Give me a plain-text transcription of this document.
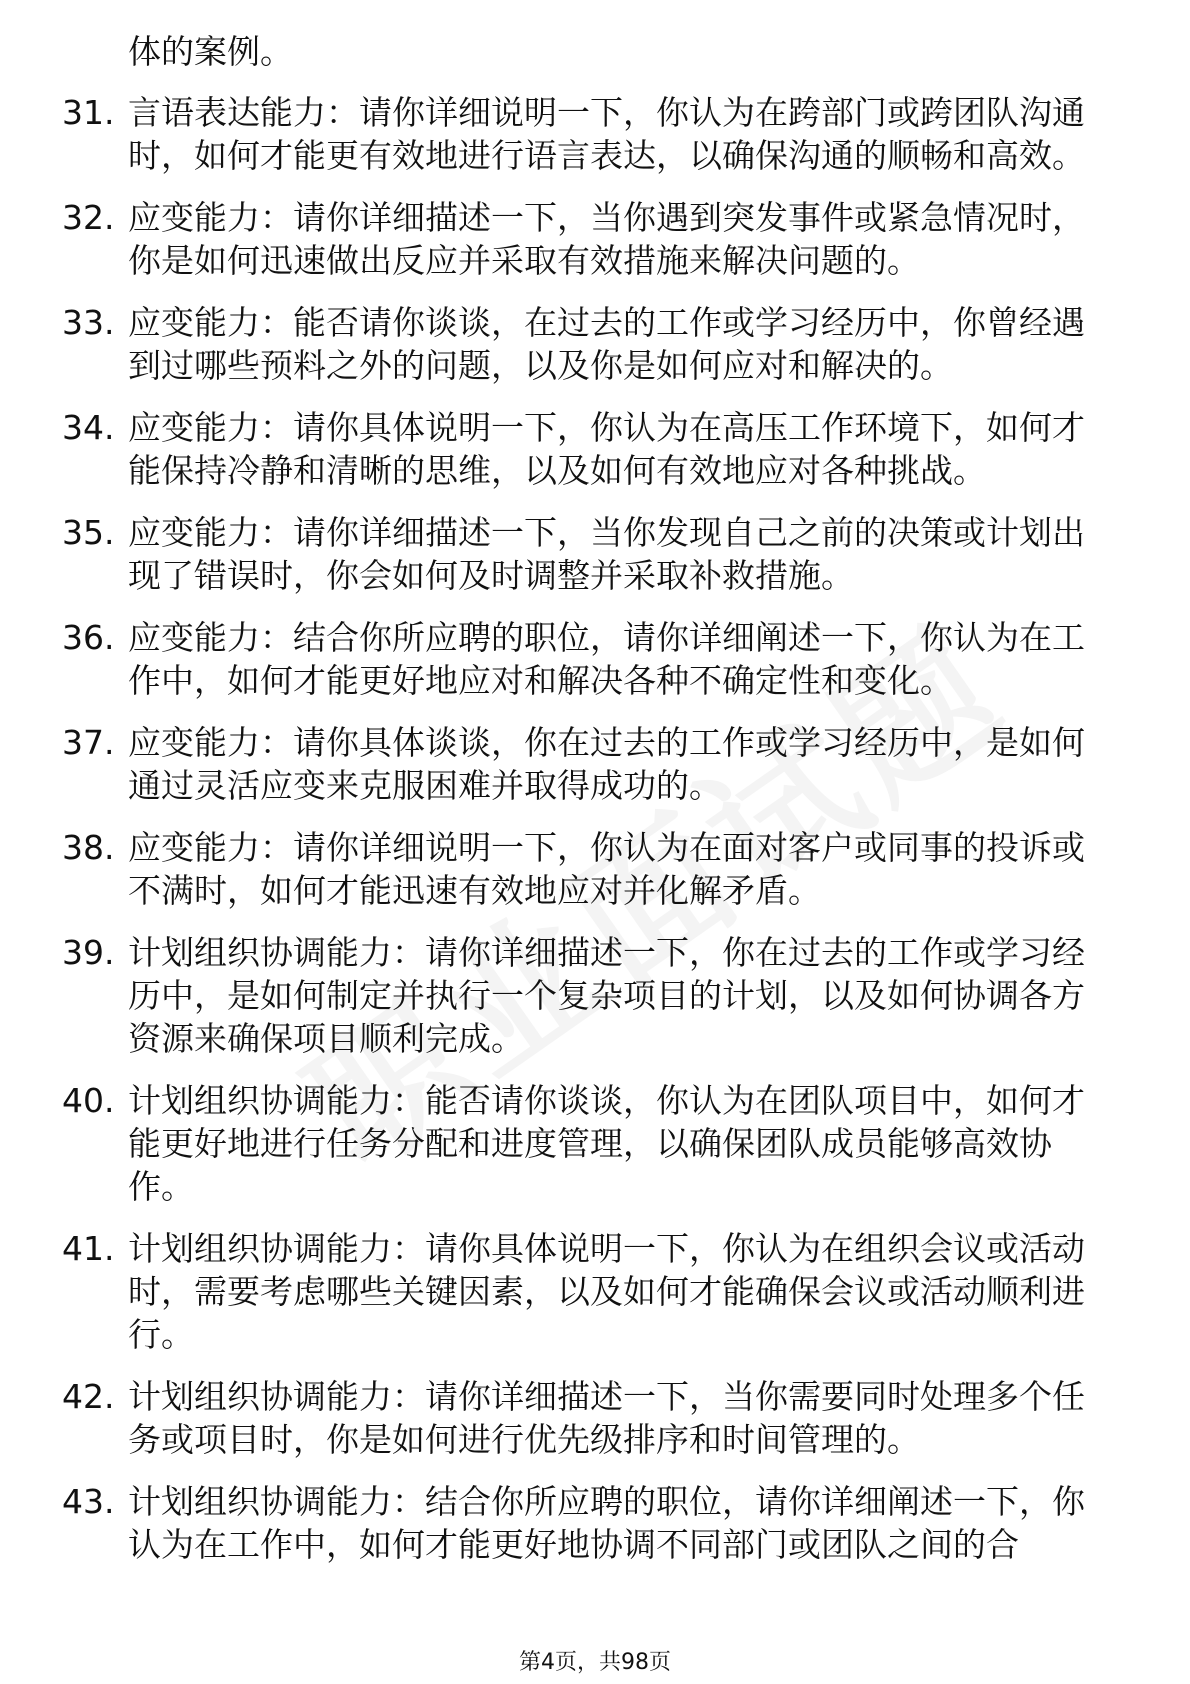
体的案例。
31. 言语表达能力：请你详细说明一下，你认为在跨部门或跨团队沟通时，如何才能更有效地进行语言表达，以确保沟通的顺畅和高效。
32. 应变能力：请你详细描述一下，当你遇到突发事件或紧急情况时，你是如何迅速做出反应并采取有效措施来解决问题的。
33. 应变能力：能否请你谈谈，在过去的工作或学习经历中，你曾经遇到过哪些预料之外的问题，以及你是如何应对和解决的。
34. 应变能力：请你具体说明一下，你认为在高压工作环境下，如何才能保持冷静和清晰的思维，以及如何有效地应对各种挑战。
35. 应变能力：请你详细描述一下，当你发现自己之前的决策或计划出现了错误时，你会如何及时调整并采取补救措施。
36. 应变能力：结合你所应聘的职位，请你详细阐述一下，你认为在工作中，如何才能更好地应对和解决各种不确定性和变化。
37. 应变能力：请你具体谈谈，你在过去的工作或学习经历中，是如何通过灵活应变来克服困难并取得成功的。
38. 应变能力：请你详细说明一下，你认为在面对客户或同事的投诉或不满时，如何才能迅速有效地应对并化解矛盾。
39. 计划组织协调能力：请你详细描述一下，你在过去的工作或学习经历中，是如何制定并执行一个复杂项目的计划，以及如何协调各方资源来确保项目顺利完成。
40. 计划组织协调能力：能否请你谈谈，你认为在团队项目中，如何才能更好地进行任务分配和进度管理，以确保团队成员能够高效协作。
41. 计划组织协调能力：请你具体说明一下，你认为在组织会议或活动时，需要考虑哪些关键因素，以及如何才能确保会议或活动顺利进行。
42. 计划组织协调能力：请你详细描述一下，当你需要同时处理多个任务或项目时，你是如何进行优先级排序和时间管理的。
43. 计划组织协调能力：结合你所应聘的职位，请你详细阐述一下，你认为在工作中，如何才能更好地协调不同部门或团队之间的合
第4页，共98页
